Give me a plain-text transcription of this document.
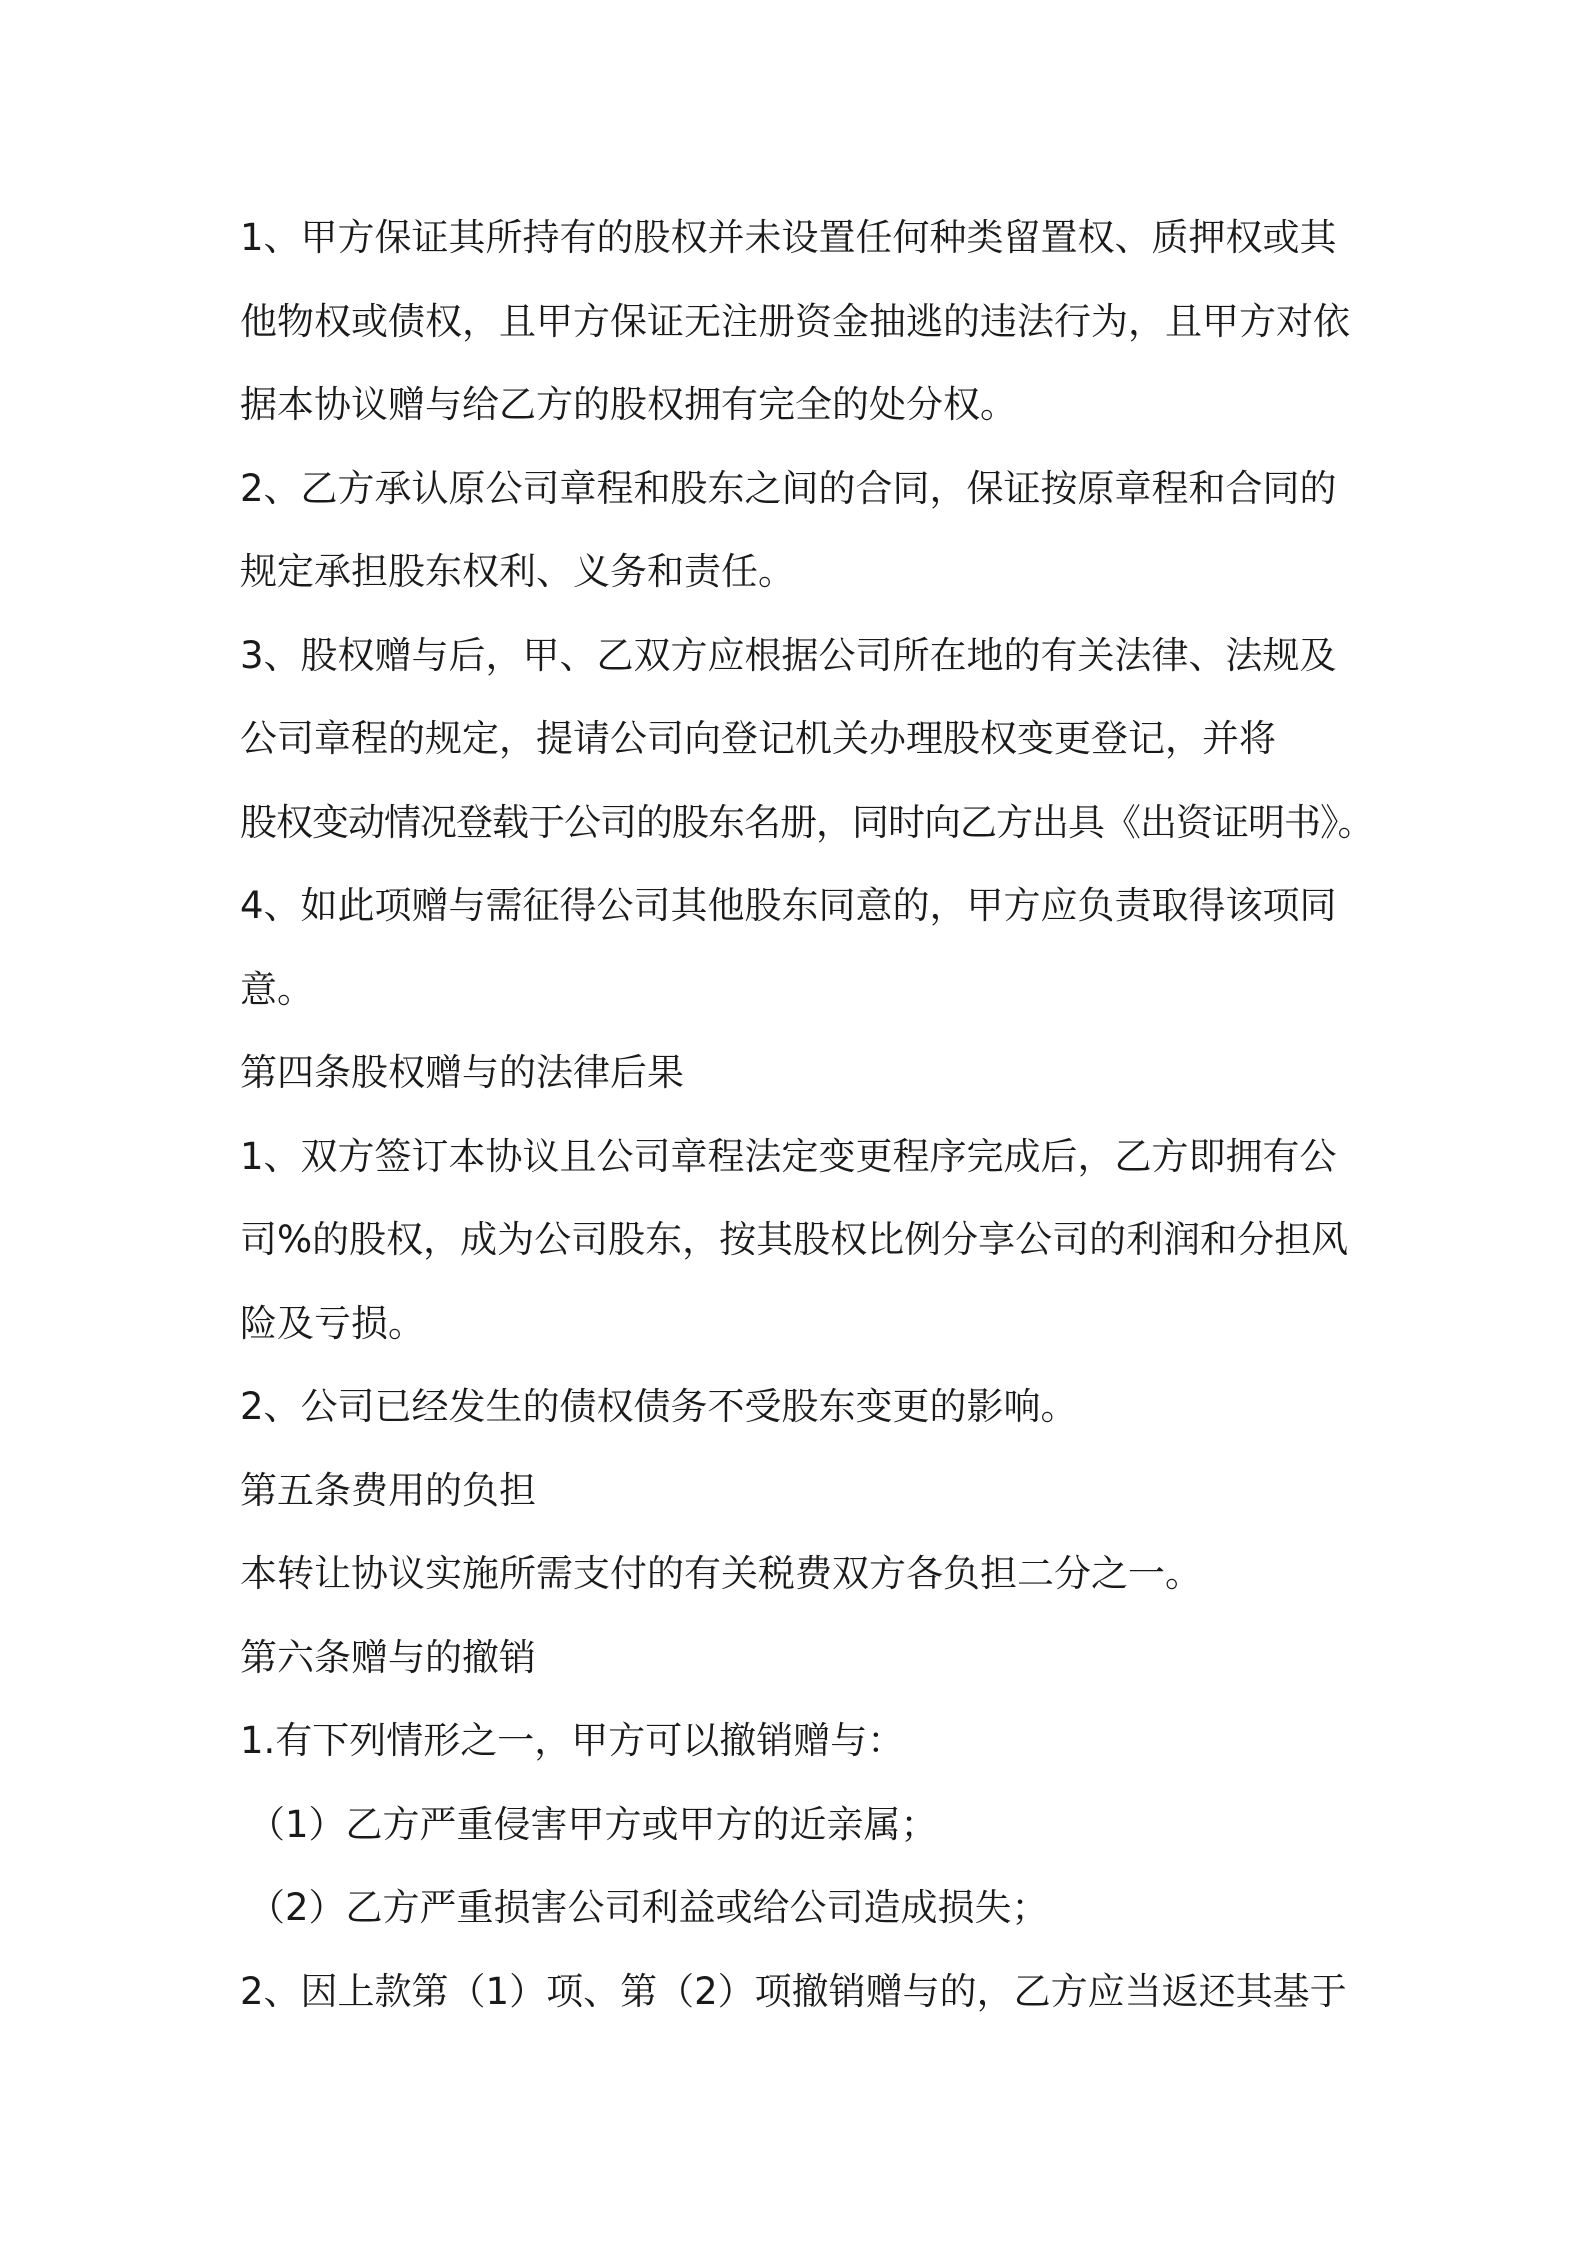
1、甲方保证其所持有的股权并未设置任何种类留置权、质押权或其
他物权或债权，且甲方保证无注册资金抽逃的违法行为，且甲方对依
据本协议赠与给乙方的股权拥有完全的处分权。
2、乙方承认原公司章程和股东之间的合同，保证按原章程和合同的
规定承担股东权利、义务和责任。
3、股权赠与后，甲、乙双方应根据公司所在地的有关法律、法规及
公司章程的规定，提请公司向登记机关办理股权变更登记，并将
股权变动情况登载于公司的股东名册，同时向乙方出具《出资证明书》。
4、如此项赠与需征得公司其他股东同意的，甲方应负责取得该项同
意。
第四条股权赠与的法律后果
1、双方签订本协议且公司章程法定变更程序完成后，乙方即拥有公
司%的股权，成为公司股东，按其股权比例分享公司的利润和分担风
险及亏损。
2、公司已经发生的债权债务不受股东变更的影响。
第五条费用的负担
本转让协议实施所需支付的有关税费双方各负担二分之一。
第六条赠与的撤销
1.有下列情形之一，甲方可以撤销赠与：
（1）乙方严重侵害甲方或甲方的近亲属；
（2）乙方严重损害公司利益或给公司造成损失；
2、因上款第（1）项、第（2）项撤销赠与的，乙方应当返还其基于
